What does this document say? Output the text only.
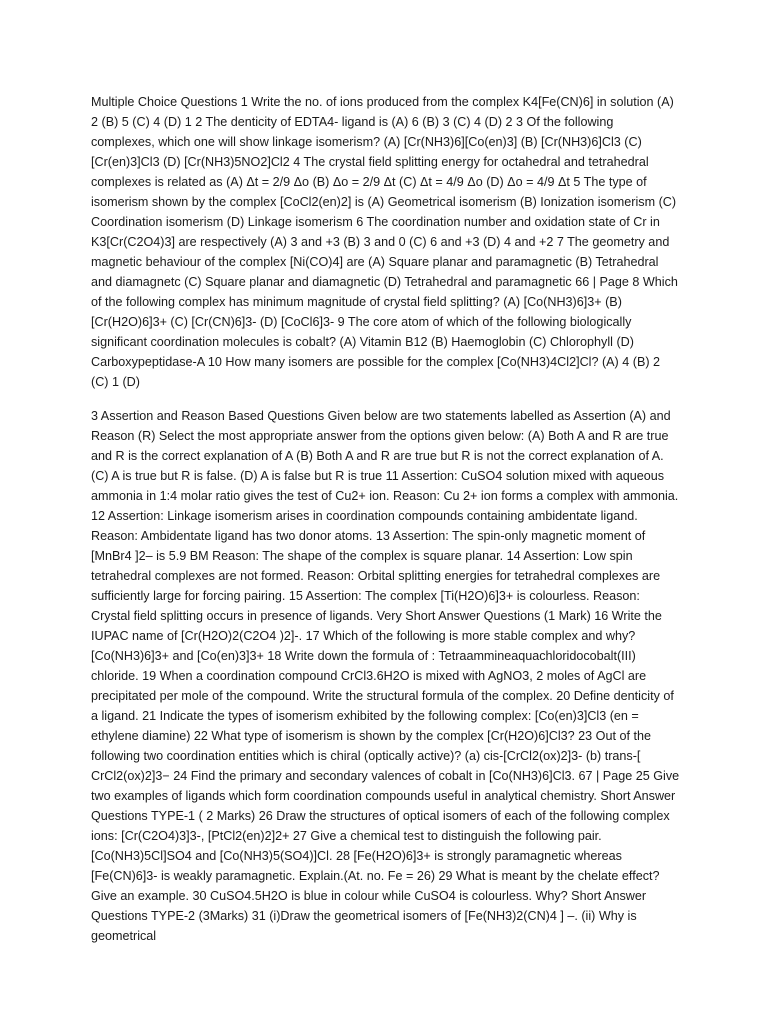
Multiple Choice Questions 1 Write the no. of ions produced from the complex K4[Fe(CN)6] in solution (A) 2 (B) 5 (C) 4 (D) 1 2 The denticity of EDTA4- ligand is (A) 6 (B) 3 (C) 4 (D) 2 3 Of the following complexes, which one will show linkage isomerism? (A) [Cr(NH3)6][Co(en)3] (B) [Cr(NH3)6]Cl3 (C) [Cr(en)3]Cl3 (D) [Cr(NH3)5NO2]Cl2 4 The crystal field splitting energy for octahedral and tetrahedral complexes is related as (A) Δt = 2/9 Δo (B) Δo = 2/9 Δt (C) Δt = 4/9 Δo (D) Δo = 4/9 Δt 5 The type of isomerism shown by the complex [CoCl2(en)2] is (A) Geometrical isomerism (B) Ionization isomerism (C) Coordination isomerism (D) Linkage isomerism 6 The coordination number and oxidation state of Cr in K3[Cr(C2O4)3] are respectively (A) 3 and +3 (B) 3 and 0 (C) 6 and +3 (D) 4 and +2 7 The geometry and magnetic behaviour of the complex [Ni(CO)4] are (A) Square planar and paramagnetic (B) Tetrahedral and diamagnetc (C) Square planar and diamagnetic (D) Tetrahedral and paramagnetic 66 | Page 8 Which of the following complex has minimum magnitude of crystal field splitting? (A) [Co(NH3)6]3+ (B) [Cr(H2O)6]3+ (C) [Cr(CN)6]3- (D) [CoCl6]3- 9 The core atom of which of the following biologically significant coordination molecules is cobalt? (A) Vitamin B12 (B) Haemoglobin (C) Chlorophyll (D) Carboxypeptidase-A 10 How many isomers are possible for the complex [Co(NH3)4Cl2]Cl? (A) 4 (B) 2 (C) 1 (D)

3 Assertion and Reason Based Questions Given below are two statements labelled as Assertion (A) and Reason (R) Select the most appropriate answer from the options given below: (A) Both A and R are true and R is the correct explanation of A (B) Both A and R are true but R is not the correct explanation of A. (C) A is true but R is false. (D) A is false but R is true 11 Assertion: CuSO4 solution mixed with aqueous ammonia in 1:4 molar ratio gives the test of Cu2+ ion. Reason: Cu 2+ ion forms a complex with ammonia. 12 Assertion: Linkage isomerism arises in coordination compounds containing ambidentate ligand. Reason: Ambidentate ligand has two donor atoms. 13 Assertion: The spin-only magnetic moment of [MnBr4 ]2– is 5.9 BM Reason: The shape of the complex is square planar. 14 Assertion: Low spin tetrahedral complexes are not formed. Reason: Orbital splitting energies for tetrahedral complexes are sufficiently large for forcing pairing. 15 Assertion: The complex [Ti(H2O)6]3+ is colourless. Reason: Crystal field splitting occurs in presence of ligands. Very Short Answer Questions (1 Mark) 16 Write the IUPAC name of [Cr(H2O)2(C2O4 )2]-. 17 Which of the following is more stable complex and why? [Co(NH3)6]3+ and [Co(en)3]3+ 18 Write down the formula of : Tetraamminеaquachloridocobalt(III) chloride. 19 When a coordination compound CrCl3.6H2O is mixed with AgNO3, 2 moles of AgCl are precipitated per mole of the compound. Write the structural formula of the complex. 20 Define denticity of a ligand. 21 Indicate the types of isomerism exhibited by the following complex: [Co(en)3]Cl3 (en = ethylene diamine) 22 What type of isomerism is shown by the complex [Cr(H2O)6]Cl3? 23 Out of the following two coordination entities which is chiral (optically active)? (a) cis-[CrCl2(ox)2]3- (b) trans-[ CrCl2(ox)2]3− 24 Find the primary and secondary valences of cobalt in [Co(NH3)6]Cl3. 67 | Page 25 Give two examples of ligands which form coordination compounds useful in analytical chemistry. Short Answer Questions TYPE-1 ( 2 Marks) 26 Draw the structures of optical isomers of each of the following complex ions: [Cr(C2O4)3]3-, [PtCl2(en)2]2+ 27 Give a chemical test to distinguish the following pair. [Co(NH3)5Cl]SO4 and [Co(NH3)5(SO4)]Cl. 28 [Fe(H2O)6]3+ is strongly paramagnetic whereas [Fe(CN)6]3- is weakly paramagnetic. Explain.(At. no. Fe = 26) 29 What is meant by the chelate effect? Give an example. 30 CuSO4.5H2O is blue in colour while CuSO4 is colourless. Why? Short Answer Questions TYPE-2 (3Marks) 31 (i)Draw the geometrical isomers of [Fe(NH3)2(CN)4 ] –. (ii) Why is geometrical
